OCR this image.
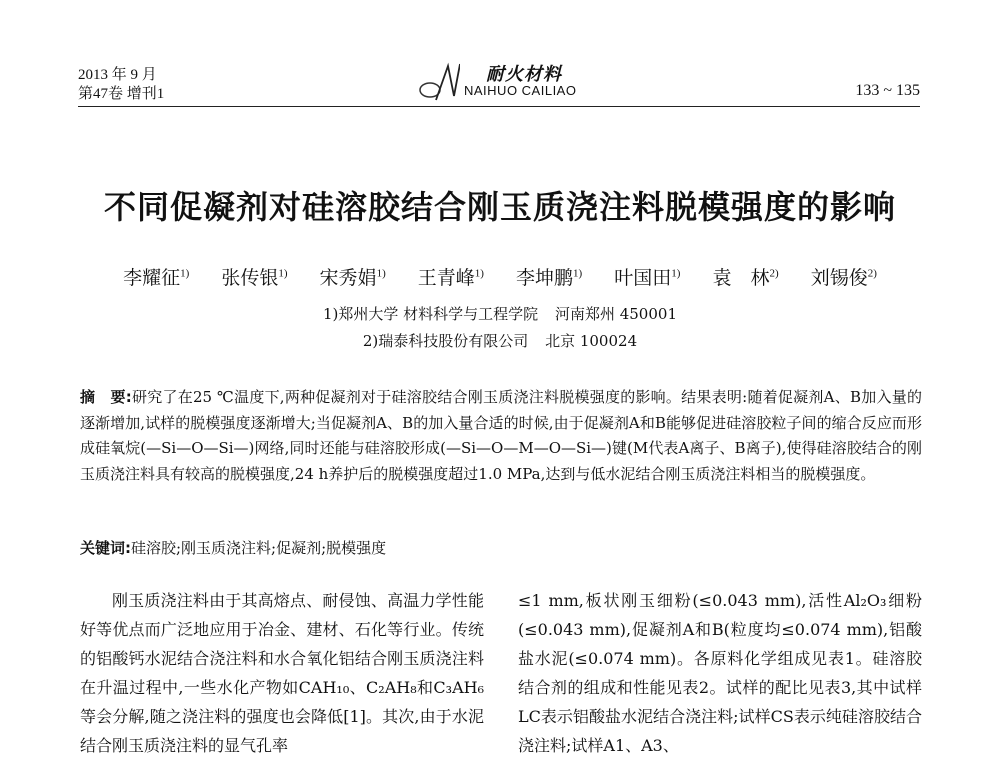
2013 年 9 月
第47卷 增刊1
耐火材料
NAIHUO CAILIAO	133 ~ 135
不同促凝剂对硅溶胶结合刚玉质浇注料脱模强度的影响
李耀征$^{1)}$ 张传银$^{1)}$ 宋秀娟$^{1)}$ 王青峰$^{1)}$ 李坤鹏$^{1)}$ 叶国田$^{1)}$ 袁　林$^{2)}$ 刘锡俊$^{2)}$
1)郑州大学 材料科学与工程学院 河南郑州 450001
2)瑞泰科技股份有限公司 北京 100024
摘　要:研究了在25 ℃温度下,两种促凝剂对于硅溶胶结合刚玉质浇注料脱模强度的影响。结果表明:随着促凝剂A、B加入量的逐渐增加,试样的脱模强度逐渐增大;当促凝剂A、B的加入量合适的时候,由于促凝剂A和B能够促进硅溶胶粒子间的缩合反应而形成硅氧烷(—Si—O—Si—)网络,同时还能与硅溶胶形成(—Si—O—M—O—Si—)键(M代表A离子、B离子),使得硅溶胶结合的刚玉质浇注料具有较高的脱模强度,24 h养护后的脱模强度超过1.0 MPa,达到与低水泥结合刚玉质浇注料相当的脱模强度。
关键词:硅溶胶;刚玉质浇注料;促凝剂;脱模强度

刚玉质浇注料由于其高熔点、耐侵蚀、高温力学性能好等优点而广泛地应用于冶金、建材、石化等行业。传统的铝酸钙水泥结合浇注料和水合氧化铝结合刚玉质浇注料在升温过程中,一些水化产物如CAH₁₀、C₂AH₈和C₃AH₆等会分解,随之浇注料的强度也会降低[1]。其次,由于水泥结合刚玉质浇注料的显气孔率

≤1 mm,板状刚玉细粉(≤0.043 mm),活性Al₂O₃细粉(≤0.043 mm),促凝剂A和B(粒度均≤0.074 mm),铝酸盐水泥(≤0.074 mm)。各原料化学组成见表1。硅溶胶结合剂的组成和性能见表2。试样的配比见表3,其中试样LC表示铝酸盐水泥结合浇注料;试样CS表示纯硅溶胶结合浇注料;试样A1、A3、
